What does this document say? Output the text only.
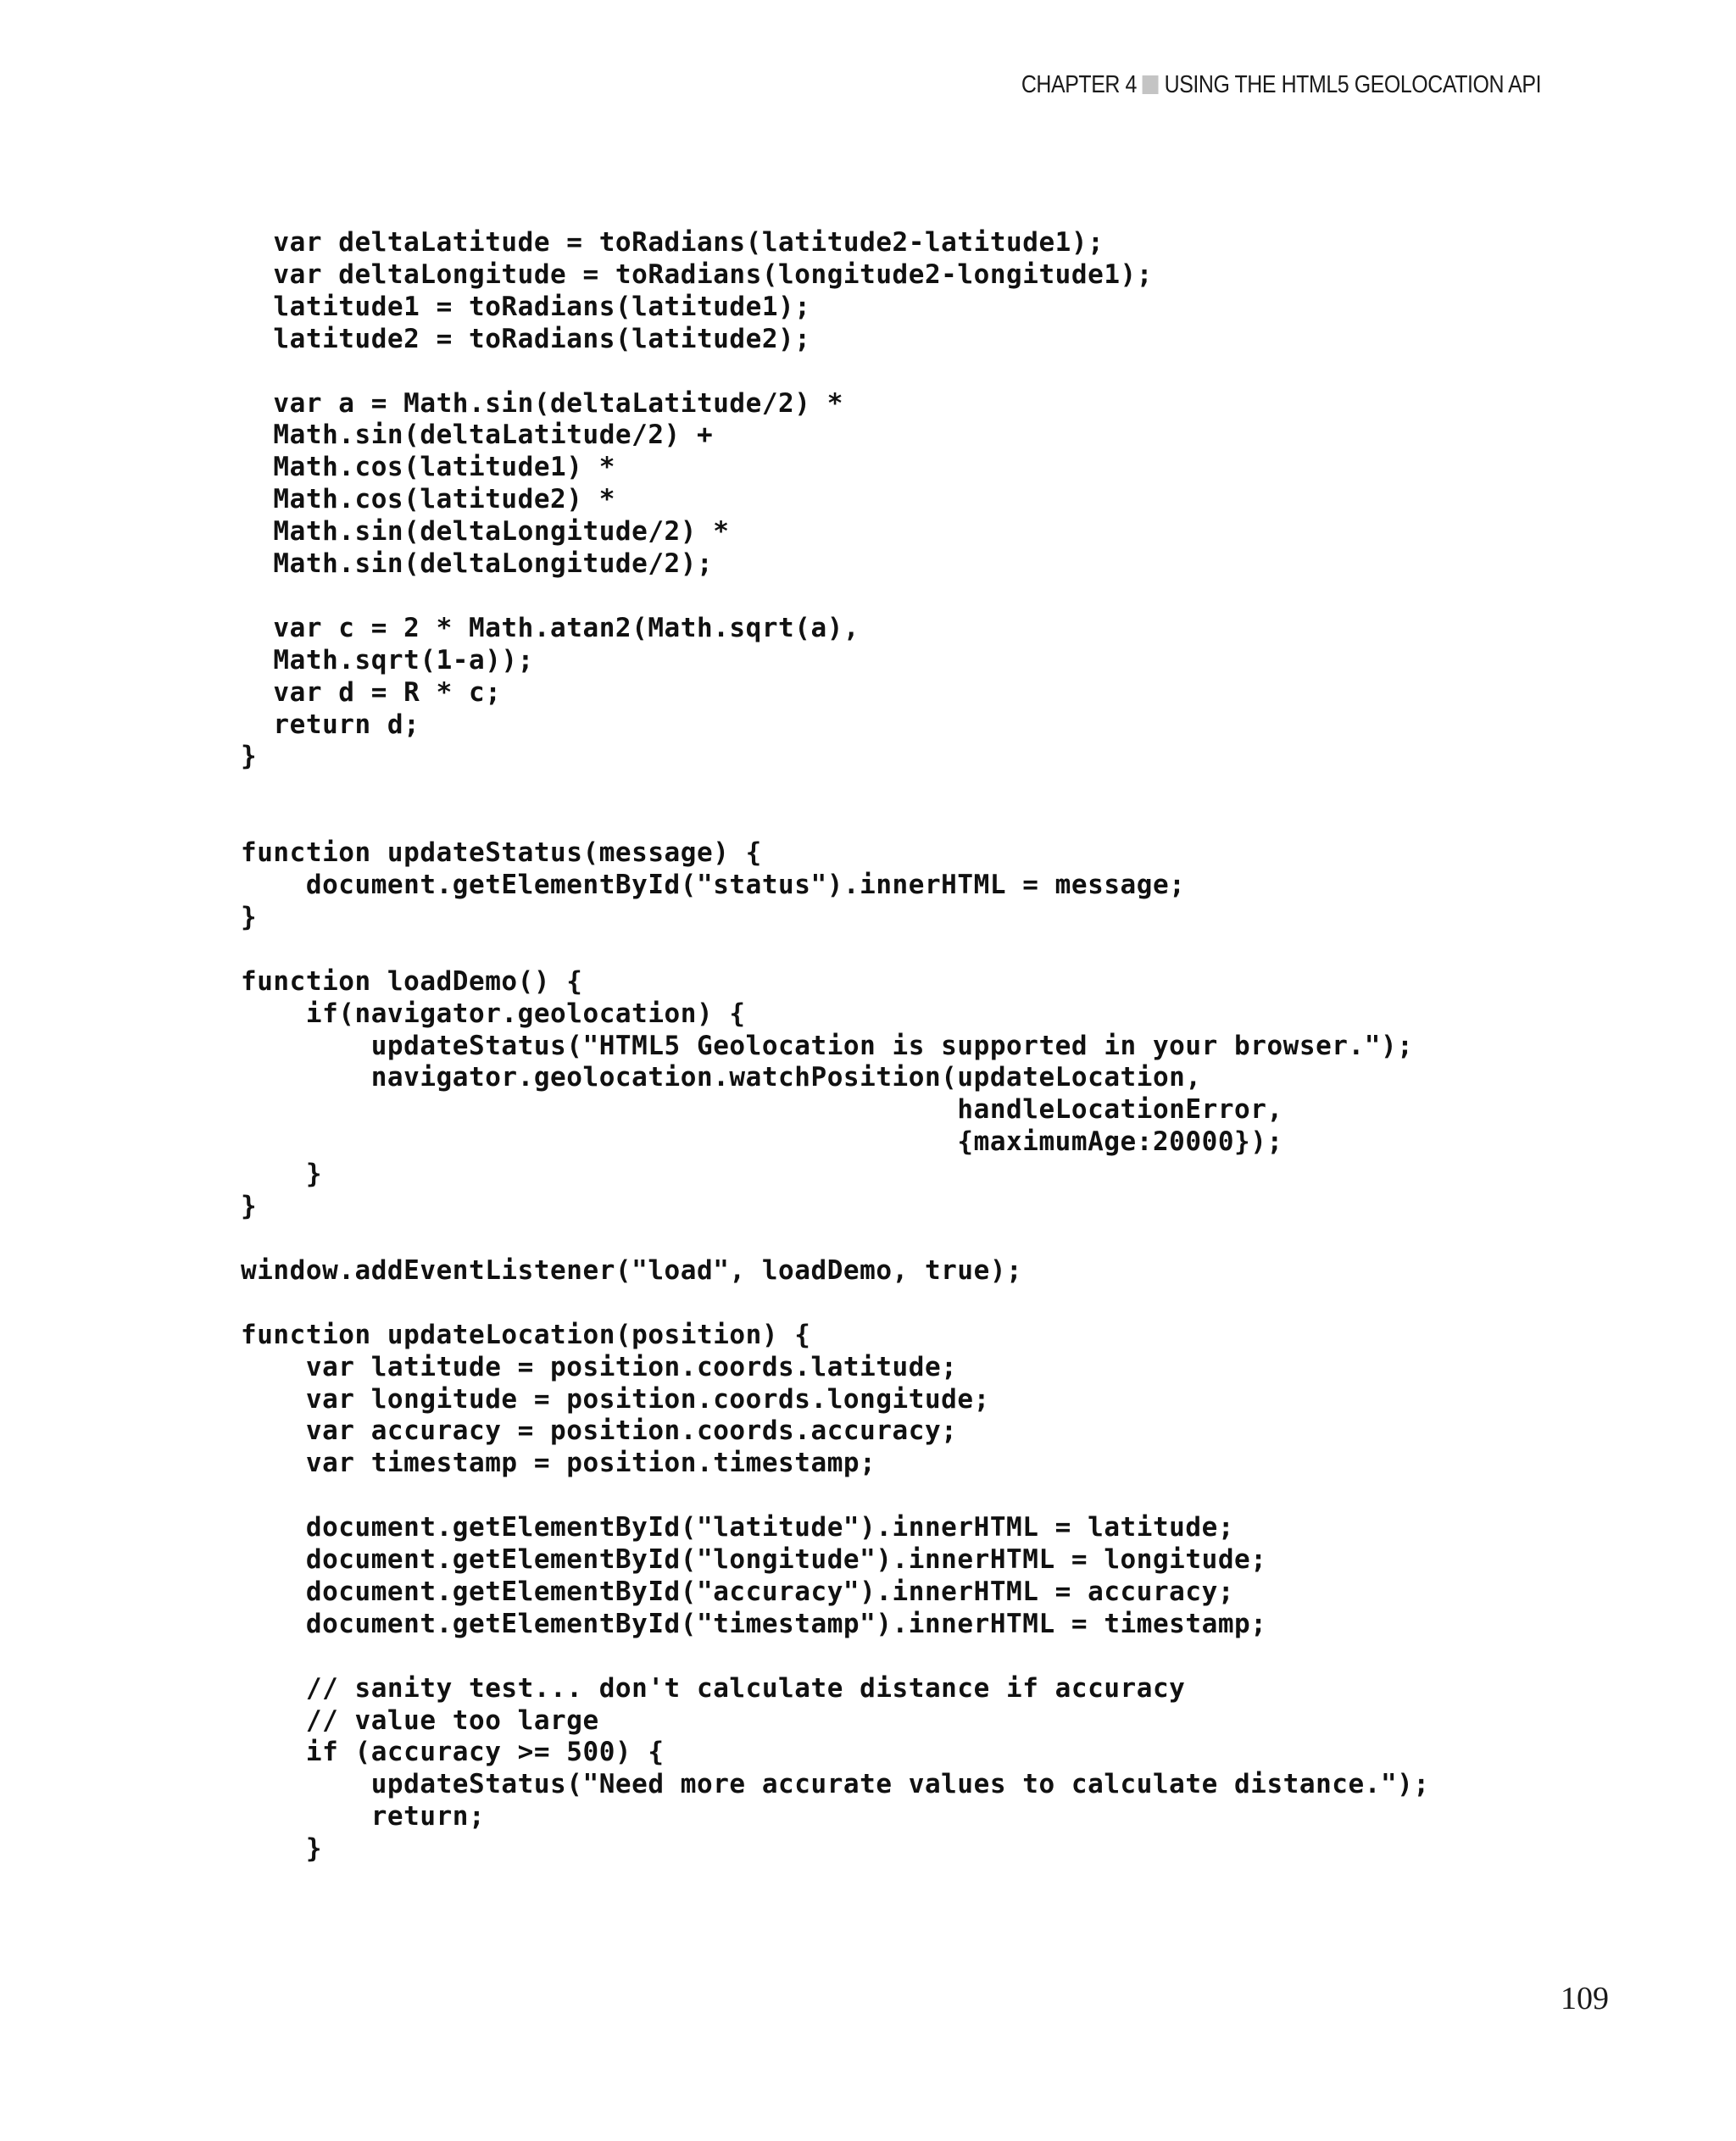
CHAPTER 4 USING THE HTML5 GEOLOCATION API
var deltaLatitude = toRadians(latitude2-latitude1);
var deltaLongitude = toRadians(longitude2-longitude1);
latitude1 = toRadians(latitude1);
latitude2 = toRadians(latitude2);
var a = Math.sin(deltaLatitude/2) *
Math.sin(deltaLatitude/2) +
Math.cos(latitude1) *
Math.cos(latitude2) *
Math.sin(deltaLongitude/2) *
Math.sin(deltaLongitude/2);
var c = 2 * Math.atan2(Math.sqrt(a),
Math.sqrt(1-a));
var d = R * c;
return d;
}
function updateStatus(message) {
document.getElementById("status").innerHTML = message;
}
function loadDemo() {
if(navigator.geolocation) {
updateStatus("HTML5 Geolocation is supported in your browser.");
navigator.geolocation.watchPosition(updateLocation,
handleLocationError,
{maximumAge:20000});
}
}
window.addEventListener("load", loadDemo, true);
function updateLocation(position) {
var latitude = position.coords.latitude;
var longitude = position.coords.longitude;
var accuracy = position.coords.accuracy;
var timestamp = position.timestamp;
document.getElementById("latitude").innerHTML = latitude;
document.getElementById("longitude").innerHTML = longitude;
document.getElementById("accuracy").innerHTML = accuracy;
document.getElementById("timestamp").innerHTML = timestamp;
// sanity test... don't calculate distance if accuracy
// value too large
if (accuracy >= 500) {
updateStatus("Need more accurate values to calculate distance.");
return;
}
109
